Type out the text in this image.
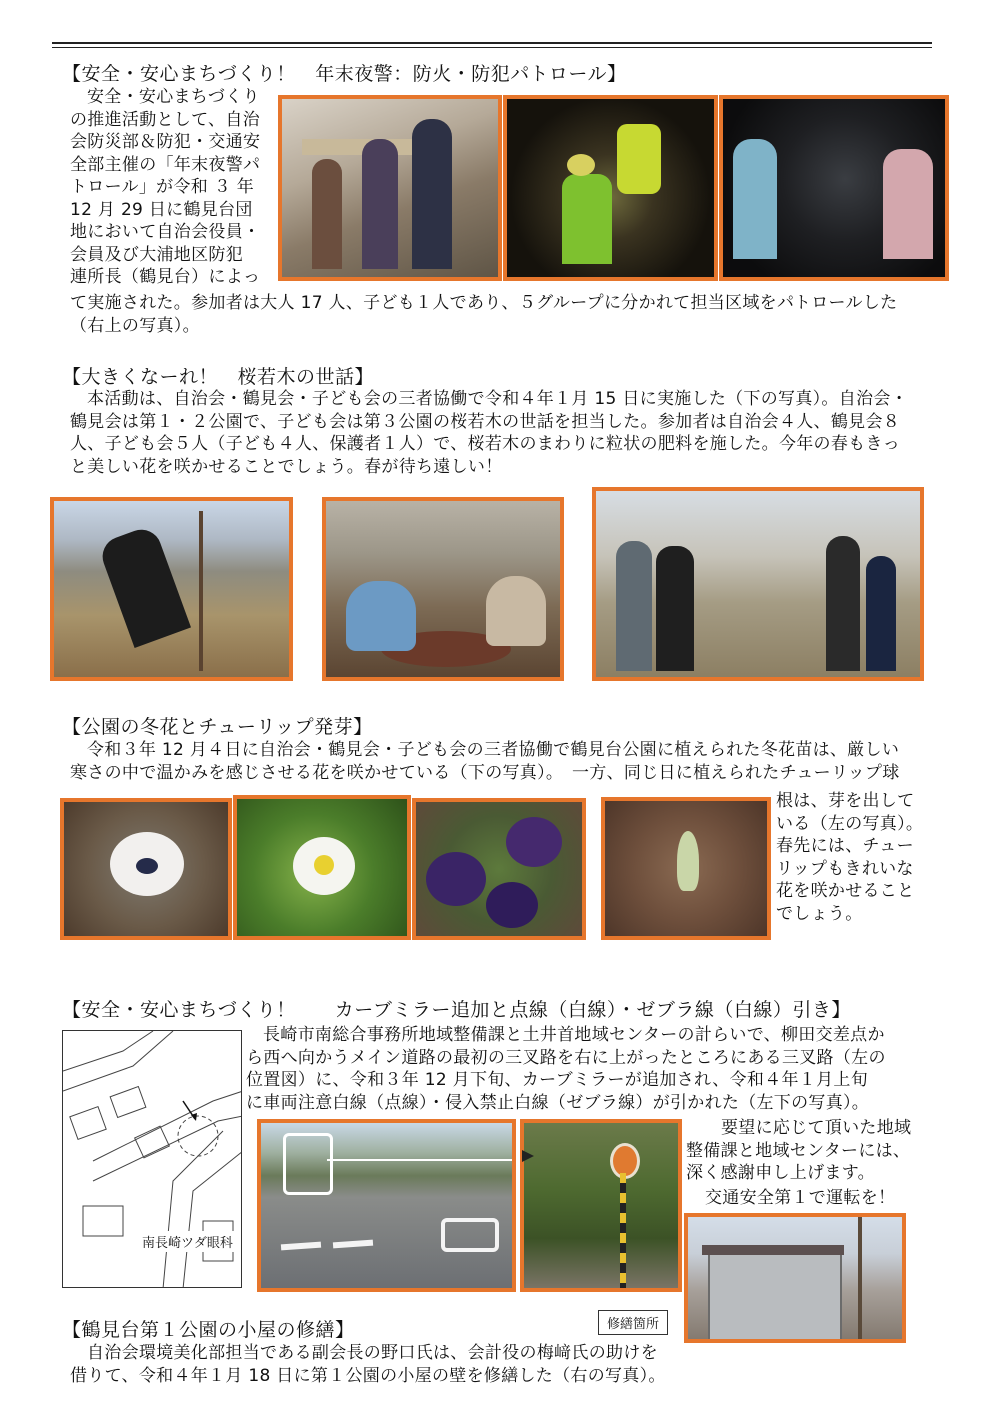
【安全・安心まちづくり！　年末夜警：防火・防犯パトロール】

安全・安心まちづくり

の推進活動として、自治

会防災部＆防犯・交通安

全部主催の「年末夜警パ

トロール」が令和 ３ 年

12 月 29 日に鶴見台団

地において自治会役員・

会員及び大浦地区防犯

連所長（鶴見台）によっ

て実施された。参加者は大人 17 人、子ども１人であり、５グループに分かれて担当区域をパトロールした

（右上の写真）。

【大きくなーれ！　桜若木の世話】

本活動は、自治会・鶴見会・子ども会の三者協働で令和４年１月 15 日に実施した（下の写真）。自治会・

鶴見会は第１・２公園で、子ども会は第３公園の桜若木の世話を担当した。参加者は自治会４人、鶴見会８

人、子ども会５人（子ども４人、保護者１人）で、桜若木のまわりに粒状の肥料を施した。今年の春もきっ

と美しい花を咲かせることでしょう。春が待ち遠しい！

【公園の冬花とチューリップ発芽】

令和３年 12 月４日に自治会・鶴見会・子ども会の三者協働で鶴見台公園に植えられた冬花苗は、厳しい

寒さの中で温かみを感じさせる花を咲かせている（下の写真）。　一方、同じ日に植えられたチューリップ球

根は、芽を出して

いる（左の写真）。

春先には、チュー

リップもきれいな

花を咲かせること

でしょう。

【安全・安心まちづくり！　　カーブミラー追加と点線（白線）・ゼブラ線（白線）引き】

長崎市南総合事務所地域整備課と土井首地域センターの計らいで、柳田交差点か

ら西へ向かうメイン道路の最初の三叉路を右に上がったところにある三叉路（左の

位置図）に、令和３年 12 月下旬、カーブミラーが追加され、令和４年１月上旬

に車両注意白線（点線）・侵入禁止白線（ゼブラ線）が引かれた（左下の写真）。

要望に応じて頂いた地域

整備課と地域センターには、

深く感謝申し上げます。

交通安全第１で運転を！
南長崎ツダ眼科
修繕箇所
【鶴見台第１公園の小屋の修繕】

自治会環境美化部担当である副会長の野口氏は、会計役の梅﨑氏の助けを

借りて、令和４年１月 18 日に第１公園の小屋の壁を修繕した（右の写真）。
